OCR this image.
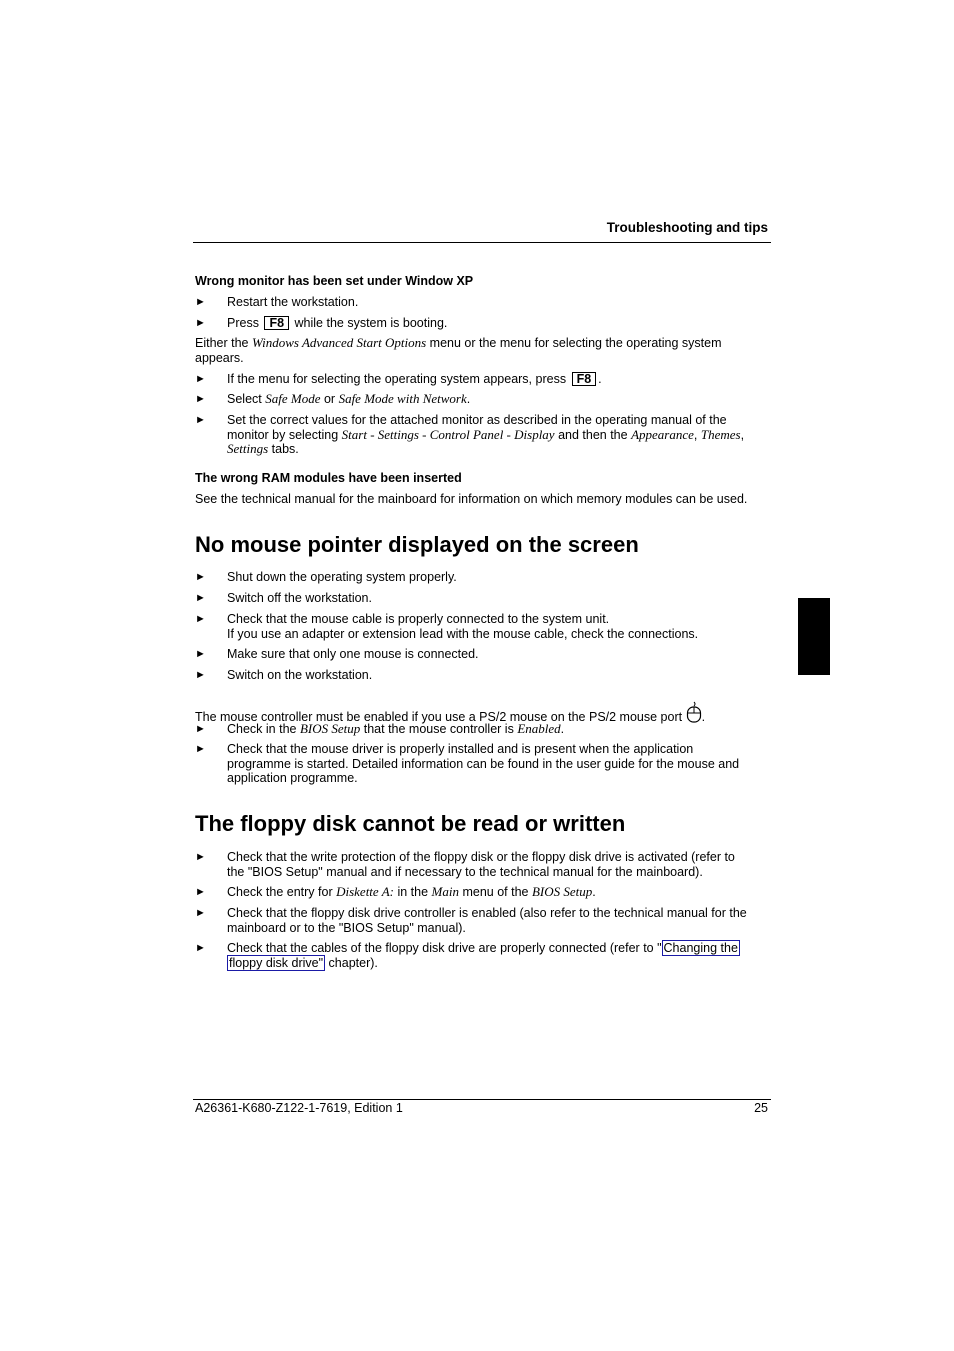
Troubleshooting and tips
Wrong monitor has been set under Window XP
► Restart the workstation.
► Press F8 while the system is booting.
Either the Windows Advanced Start Options menu or the menu for selecting the operating system
appears.
► If the menu for selecting the operating system appears, press F8 .
► Select Safe Mode or Safe Mode with Network.
► Set the correct values for the attached monitor as described in the operating manual of the
monitor by selecting Start - Settings - Control Panel - Display and then the Appearance, Themes,
Settings tabs.
The wrong RAM modules have been inserted
See the technical manual for the mainboard for information on which memory modules can be used.
No mouse pointer displayed on the screen
► Shut down the operating system properly.
► Switch off the workstation.
► Check that the mouse cable is properly connected to the system unit.
If you use an adapter or extension lead with the mouse cable, check the connections.
► Make sure that only one mouse is connected.
► Switch on the workstation.
The mouse controller must be enabled if you use a PS/2 mouse on the PS/2 mouse port .
► Check in the BIOS Setup that the mouse controller is Enabled.
► Check that the mouse driver is properly installed and is present when the application
programme is started. Detailed information can be found in the user guide for the mouse and
application programme.
The floppy disk cannot be read or written
► Check that the write protection of the floppy disk or the floppy disk drive is activated (refer to
the "BIOS Setup" manual and if necessary to the technical manual for the mainboard).
► Check the entry for Diskette A: in the Main menu of the BIOS Setup.
► Check that the floppy disk drive controller is enabled (also refer to the technical manual for the
mainboard or to the "BIOS Setup" manual).
► Check that the cables of the floppy disk drive are properly connected (refer to " Changing the
floppy disk drive" chapter).
A26361-K680-Z122-1-7619, Edition 1	25
